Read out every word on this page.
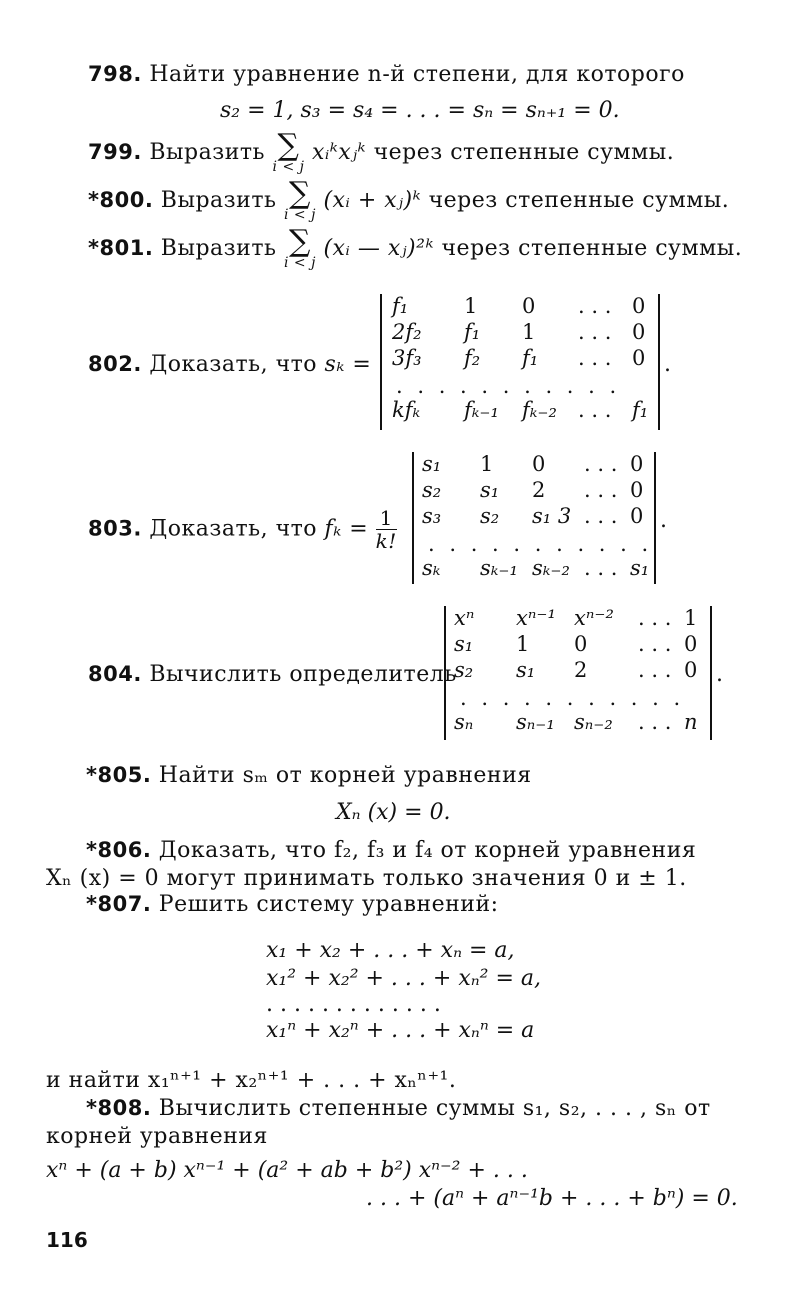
798. Найти уравнение n-й степени, для которого
s₂ = 1, s₃ = s₄ = . . . = sₙ = sₙ₊₁ = 0.
799. Выразить ∑
i < j
xᵢᵏxⱼᵏ через степенные суммы.
*800. Выразить ∑
i < j
(xᵢ + xⱼ)ᵏ через степенные суммы.
*801. Выразить ∑
i < j
(xᵢ — xⱼ)²ᵏ через степенные суммы.
802. Доказать, что sₖ =
f₁	1 0 . . . 0
2f₂ f₁ 1 . . . 0
3f₃ f₂ f₁ . . . 0
. . . . . . . . . . .
kfₖ fₖ₋₁ fₖ₋₂ . . . f₁
.
803. Доказать, что $f_k = \frac{1}{k!}$
s₁ 1 0 . . . 0
s₂ s₁ 2 . . . 0
s₃ s₂ s₁ 3 . . . 0
. . . . . . . . . . .
sₖ sₖ₋₁ sₖ₋₂ . . . s₁
.
804. Вычислить определитель
xⁿ xⁿ⁻¹ xⁿ⁻² . . . 1
s₁ 1 0 . . . 0
s₂ s₁ 2 . . . 0
. . . . . . . . . . .
sₙ sₙ₋₁ sₙ₋₂ . . . n
.
*805. Найти sₘ от корней уравнения
Xₙ (x) = 0.
*806. Доказать, что f₂, f₃ и f₄ от корней уравнения
Xₙ (x) = 0 могут принимать только значения 0 и ± 1.
*807. Решить систему уравнений:
x₁ + x₂ + . . . + xₙ = a,
x₁² + x₂² + . . . + xₙ² = a,
. . . . . . . . . . . . .
x₁ⁿ + x₂ⁿ + . . . + xₙⁿ = a
и найти x₁ⁿ⁺¹ + x₂ⁿ⁺¹ + . . . + xₙⁿ⁺¹.
*808. Вычислить степенные суммы s₁, s₂, . . . , sₙ от
корней уравнения
xⁿ + (a + b) xⁿ⁻¹ + (a² + ab + b²) xⁿ⁻² + . . .
. . . + (aⁿ + aⁿ⁻¹b + . . . + bⁿ) = 0.
116
